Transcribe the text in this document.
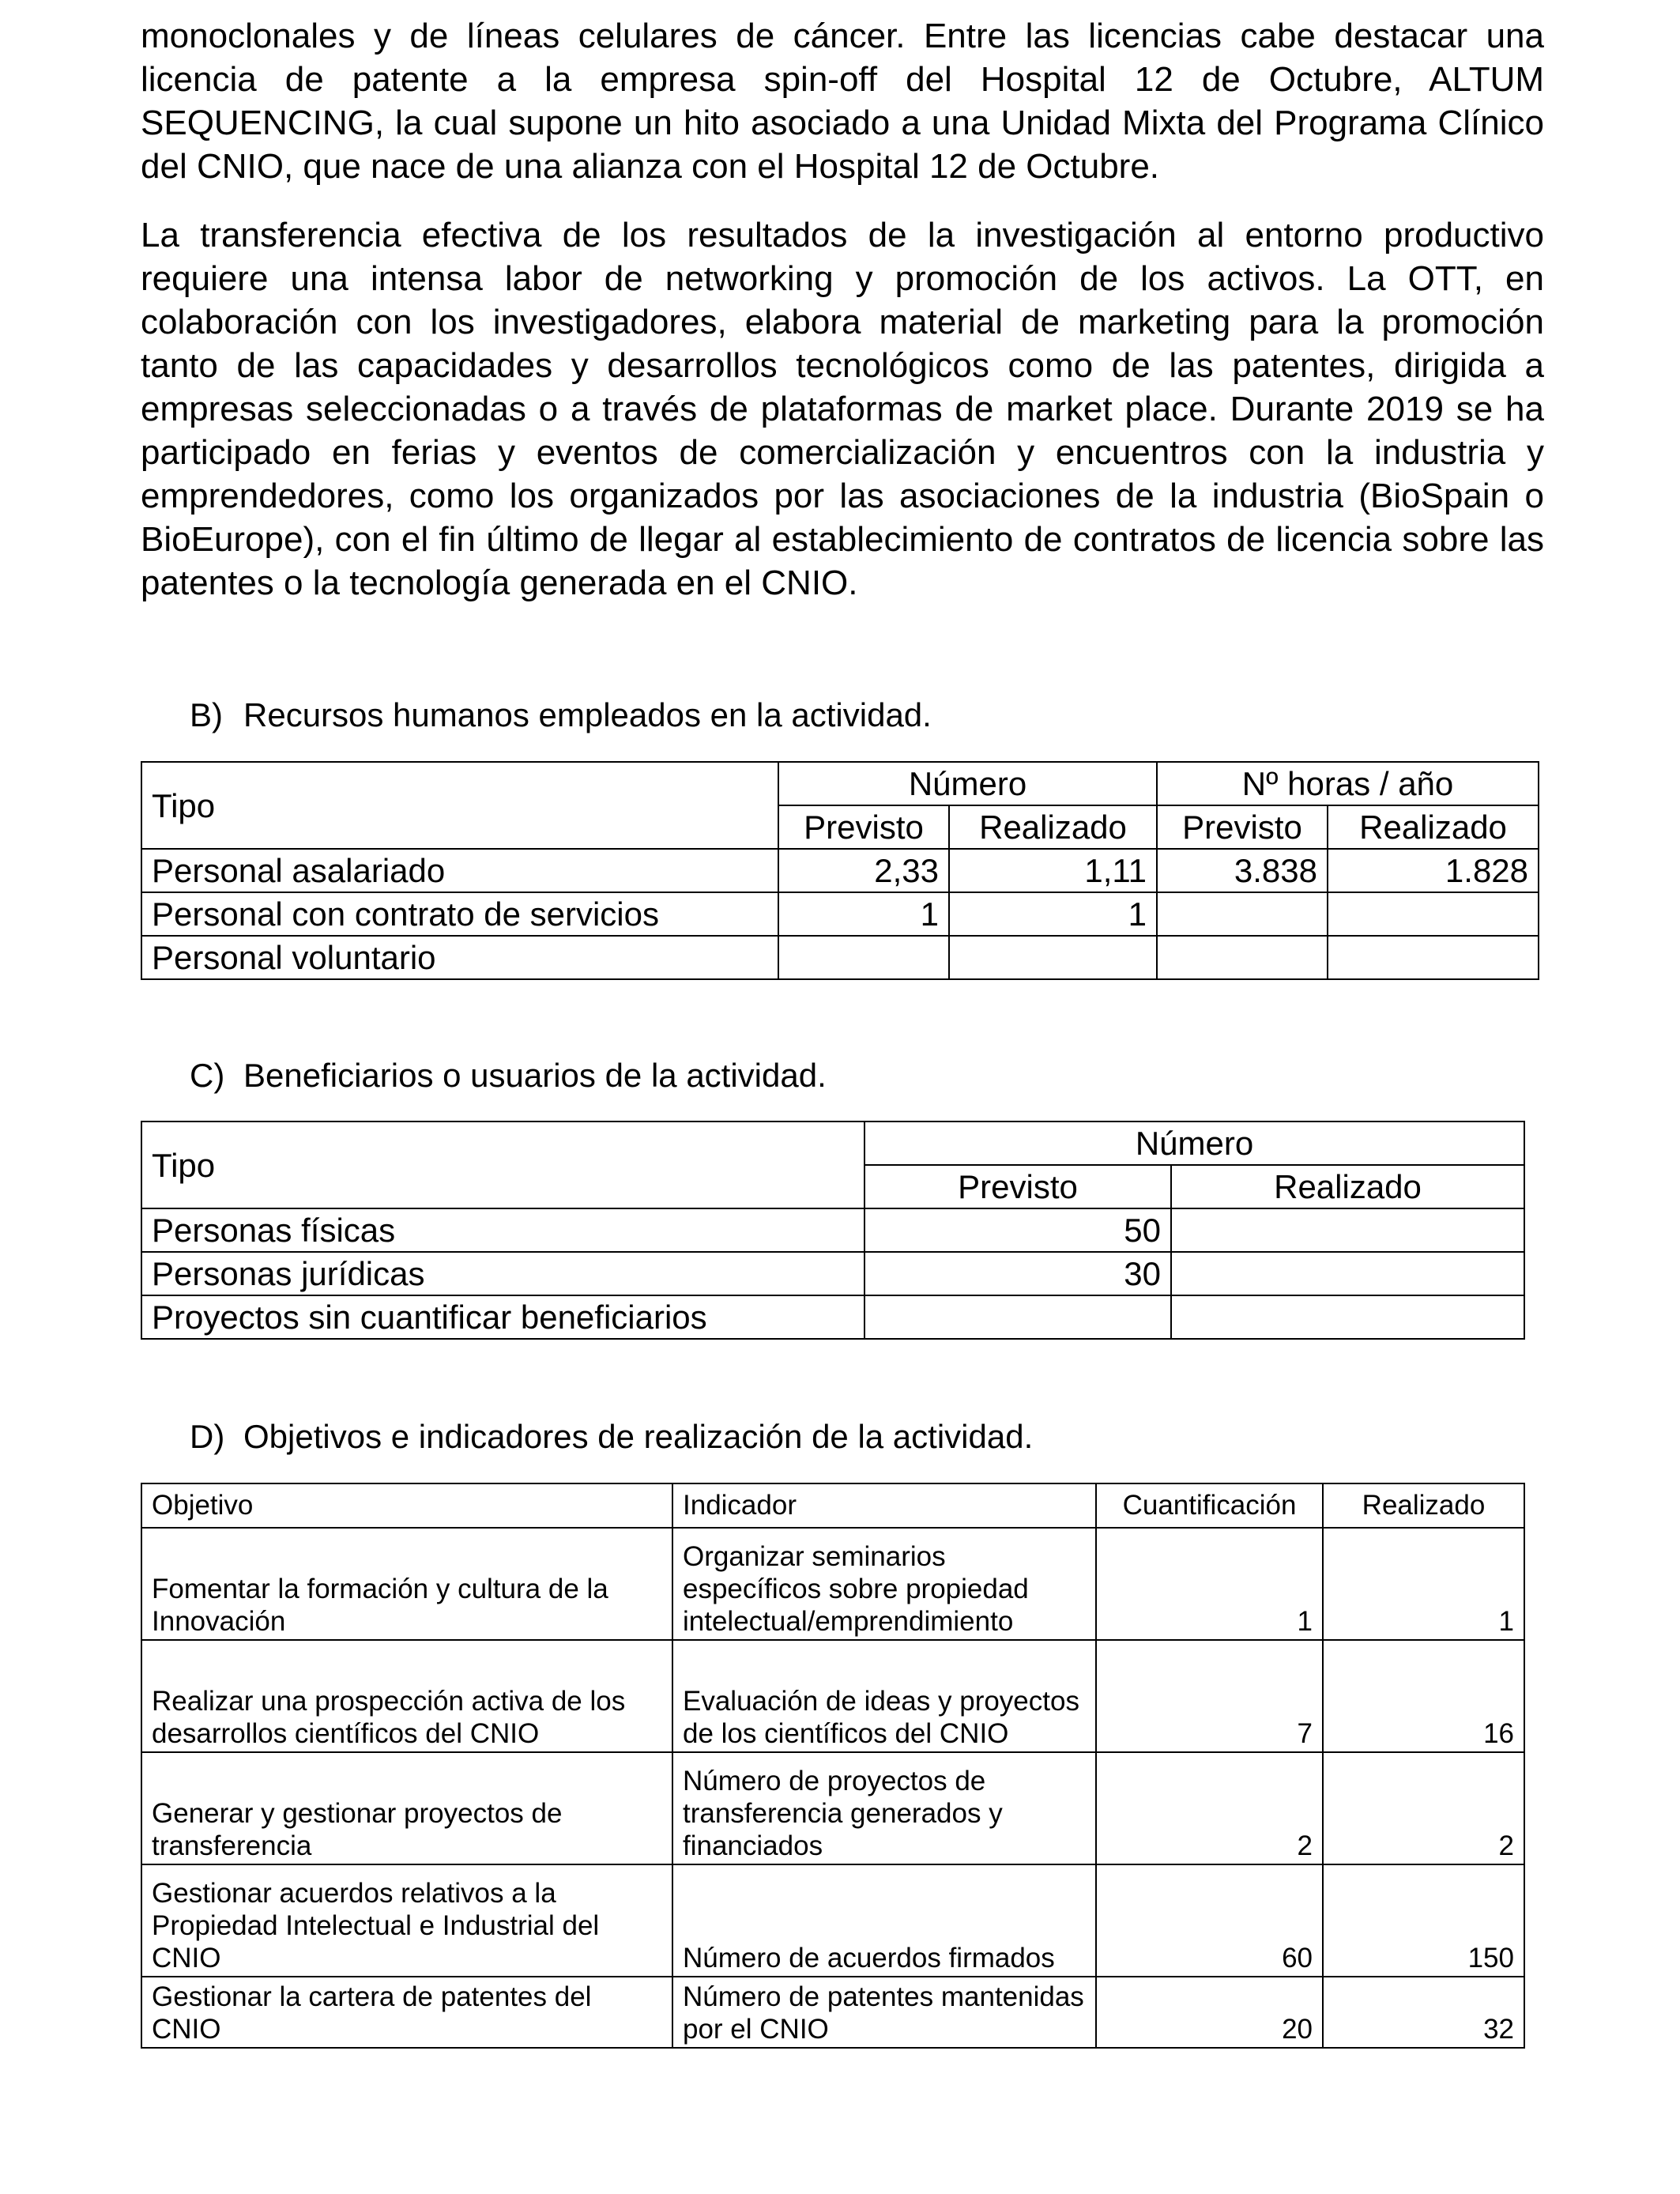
monoclonales y de líneas celulares de cáncer. Entre las licencias cabe destacar una licencia de patente a la empresa spin-off del Hospital 12 de Octubre, ALTUM SEQUENCING, la cual supone un hito asociado a una Unidad Mixta del Programa Clínico del CNIO, que nace de una alianza con el Hospital 12 de Octubre.

La transferencia efectiva de los resultados de la investigación al entorno productivo requiere una intensa labor de networking y promoción de los activos. La OTT, en colaboración con los investigadores, elabora material de marketing para la promoción tanto de las capacidades y desarrollos tecnológicos como de las patentes, dirigida a empresas seleccionadas o a través de plataformas de market place. Durante 2019 se ha participado en ferias y eventos de comercialización y encuentros con la industria y emprendedores, como los organizados por las asociaciones de la industria (BioSpain o BioEurope), con el fin último de llegar al establecimiento de contratos de licencia sobre las patentes o la tecnología generada en el CNIO.

B) Recursos humanos empleados en la actividad.
Tipo	Número		Nº horas / año	
	Previsto	Realizado	Previsto	Realizado
Personal asalariado	2,33	1,11	3.838	1.828
Personal con contrato de servicios	1	1		
Personal voluntario				
C) Beneficiarios o usuarios de la actividad.
Tipo	Número	
	Previsto	Realizado
Personas físicas	50	
Personas jurídicas	30	
Proyectos sin cuantificar beneficiarios		
D) Objetivos e indicadores de realización de la actividad.
Objetivo	Indicador	Cuantificación	Realizado
Fomentar la formación y cultura de la Innovación	Organizar seminarios específicos sobre propiedad intelectual/emprendimiento	1	1
Realizar una prospección activa de los desarrollos científicos del CNIO	Evaluación de ideas y proyectos de los científicos del CNIO	7	16
Generar y gestionar proyectos de transferencia	Número de proyectos de transferencia generados y financiados	2	2
Gestionar acuerdos relativos a la Propiedad Intelectual e Industrial del CNIO	Número de acuerdos firmados	60	150
Gestionar la cartera de patentes del CNIO	Número de patentes mantenidas por el CNIO	20	32
